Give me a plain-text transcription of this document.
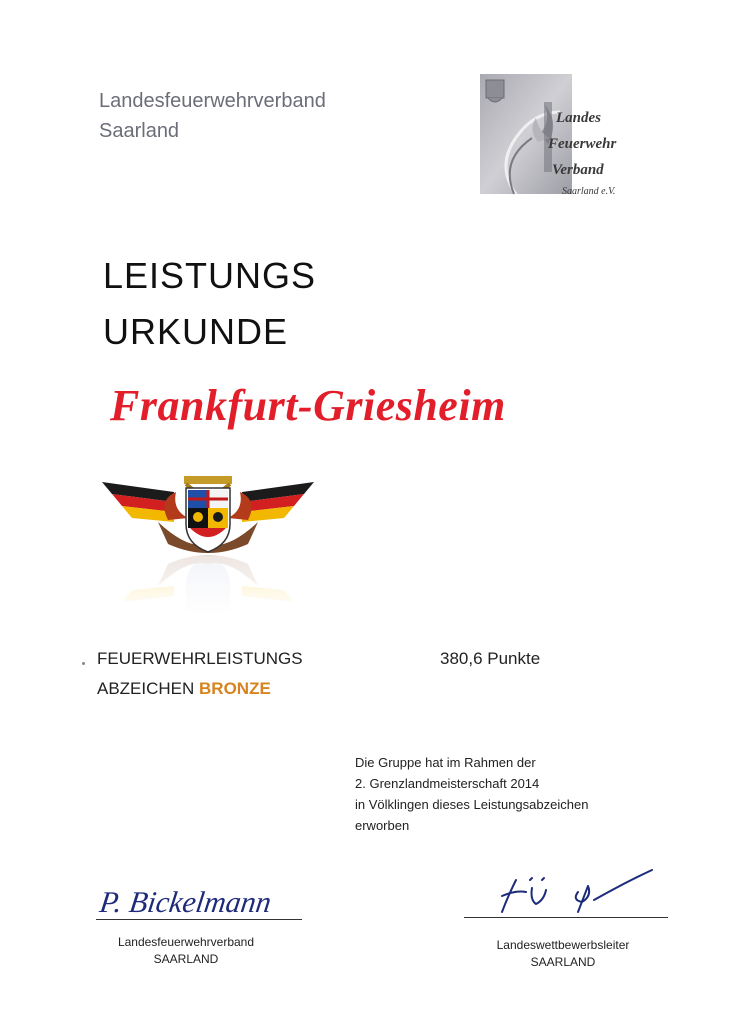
Landesfeuerwehrverband
Saarland
Landes
Feuerwehr
Verband
Saarland e.V.
LEISTUNGS
URKUNDE
Frankfurt-Griesheim
FEUERWEHRLEISTUNGS
ABZEICHEN BRONZE
380,6 Punkte
Die Gruppe hat im Rahmen der
2. Grenzlandmeisterschaft 2014
in Völklingen dieses Leistungsabzeichen
erworben
P. Bickelmann
Landesfeuerwehrverband
SAARLAND
Landeswettbewerbsleiter
SAARLAND
